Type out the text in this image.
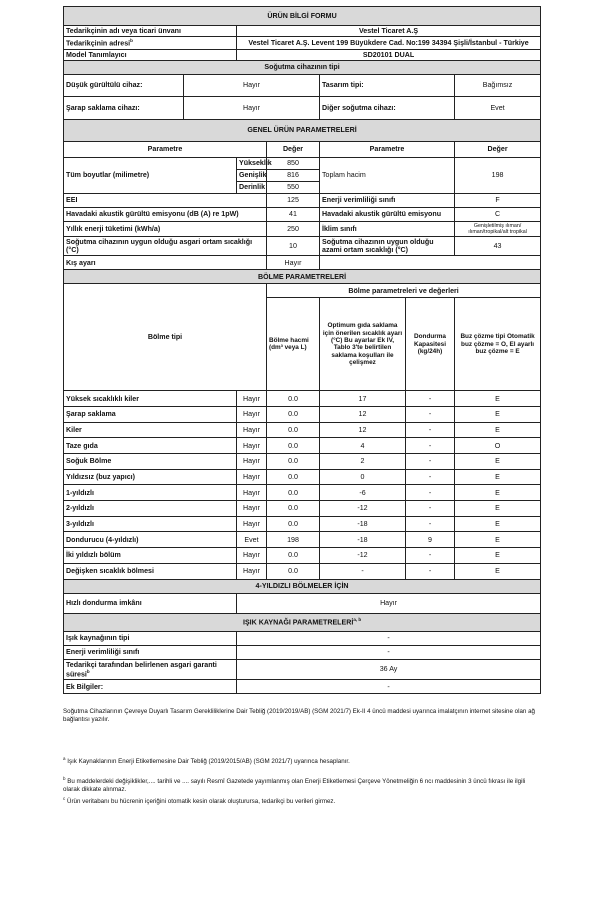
ÜRÜN BİLGİ FORMU						
Tedarikçinin adı veya ticari ünvanı		Vestel Ticaret A.Ş				
Tedarikçinin adresi$^b$		Vestel Ticaret A.Ş. Levent 199 Büyükdere Cad. No:199 34394 Şişli/İstanbul - Türkiye				
Model Tanımlayıcı		SD20101 DUAL				
Soğutma cihazının tipi						
Düşük gürültülü cihaz:	Hayır			Tasarım tipi:		Bağımsız
Şarap saklama cihazı:	Hayır			Diğer soğutma cihazı:		Evet
GENEL ÜRÜN PARAMETRELERİ						
Parametre			Değer	Parametre		Değer
Tüm boyutlar (milimetre)		Yükseklik	850	Toplam hacim		198
		Genişlik	816			
		Derinlik	550			
EEI			125	Enerji verimliliği sınıfı		F
Havadaki akustik gürültü emisyonu (dB (A) re 1pW)			41	Havadaki akustik gürültü emisyonu		C
Yıllık enerji tüketimi (kWh/a)			250	İklim sınıfı		Genişletilmiş ılıman/ılıman/tropikal/alt tropikal
Soğutma cihazının uygun olduğu asgari ortam sıcaklığı (°C)			10	Soğutma cihazının uygun olduğu azami ortam sıcaklığı (°C)		43
Kış ayarı			Hayır			
BÖLME PARAMETRELERİ						
Bölme tipi			Bölme parametreleri ve değerleri			
			Bölme hacmi (dm³ veya L)	Optimum gıda saklama için önerilen sıcaklık ayarı (°C) Bu ayarlar Ek IV, Tablo 3'te belirtilen saklama koşulları ile çelişmez	Dondurma Kapasitesi (kg/24h)	Buz çözme tipi Otomatik buz çözme = O, El ayarlı buz çözme = E
Yüksek sıcaklıklı kiler		Hayır	0.0	17	-	E
Şarap saklama		Hayır	0.0	12	-	E
Kiler		Hayır	0.0	12	-	E
Taze gıda		Hayır	0.0	4	-	O
Soğuk Bölme		Hayır	0.0	2	-	E
Yıldızsız (buz yapıcı)		Hayır	0.0	0	-	E
1-yıldızlı		Hayır	0.0	-6	-	E
2-yıldızlı		Hayır	0.0	-12	-	E
3-yıldızlı		Hayır	0.0	-18	-	E
Dondurucu (4-yıldızlı)		Evet	198	-18	9	E
İki yıldızlı bölüm		Hayır	0.0	-12	-	E
Değişken sıcaklık bölmesi		Hayır	0.0	-	-	E
4-YILDIZLI BÖLMELER İÇİN						
Hızlı dondurma imkânı		Hayır				
IŞIK KAYNAĞI PARAMETRELERİ$^{a, b}$
Işık kaynağının tipi		-				
Enerji verimliliği sınıfı		-				
Tedarikçi tarafından belirlenen asgari garanti süresi$^b$		36 Ay				
Ek Bilgiler:		-				
Soğutma Cihazlarının Çevreye Duyarlı Tasarım Gerekliliklerine Dair Tebliğ (2019/2019/AB) (SGM 2021/7) Ek-II 4 üncü maddesi uyarınca imalatçının internet sitesine olan ağ bağlantısı yazılır.
$^a$ Işık Kaynaklarının Enerji Etiketlemesine Dair Tebliğ (2019/2015/AB) (SGM 2021/7) uyarınca hesaplanır.
$^b$ Bu maddelerdeki değişiklikler,.... tarihli ve .... sayılı Resmî Gazetede yayımlanmış olan Enerji Etiketlemesi Çerçeve Yönetmeliğin 6 ncı maddesinin 3 üncü fıkrası ile ilgili olarak dikkate alınmaz.
$^c$ Ürün veritabanı bu hücrenin içeriğini otomatik kesin olarak oluşturursa, tedarikçi bu verileri girmez.
